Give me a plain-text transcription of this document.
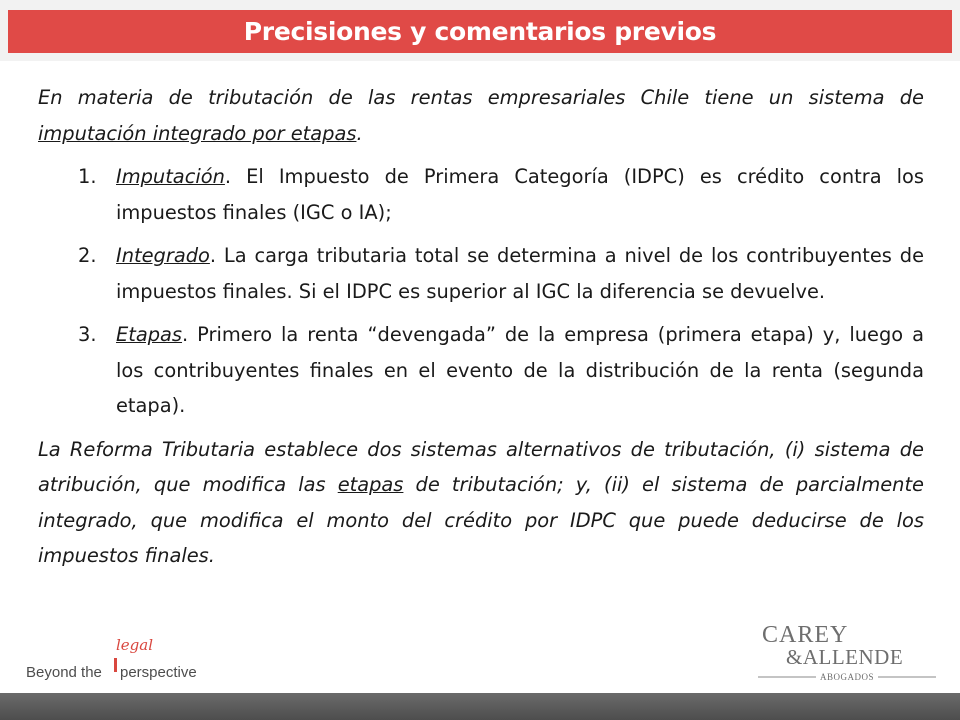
Precisiones y comentarios previos

En materia de tributación de las rentas empresariales Chile tiene un sistema de imputación integrado por etapas.

1. Imputación. El Impuesto de Primera Categoría (IDPC) es crédito contra los impuestos finales (IGC o IA);
2. Integrado. La carga tributaria total se determina a nivel de los contribuyentes de impuestos finales. Si el IDPC es superior al IGC la diferencia se devuelve.
3. Etapas. Primero la renta “devengada” de la empresa (primera etapa) y, luego a los contribuyentes finales en el evento de la distribución de la renta (segunda etapa).

La Reforma Tributaria establece dos sistemas alternativos de tributación, (i) sistema de atribución, que modifica las etapas de tributación; y, (ii) el sistema de parcialmente integrado, que modifica el monto del crédito por IDPC que puede deducirse de los impuestos finales.

legal
Beyond the perspective
CAREY
&ALLENDE
ABOGADOS
